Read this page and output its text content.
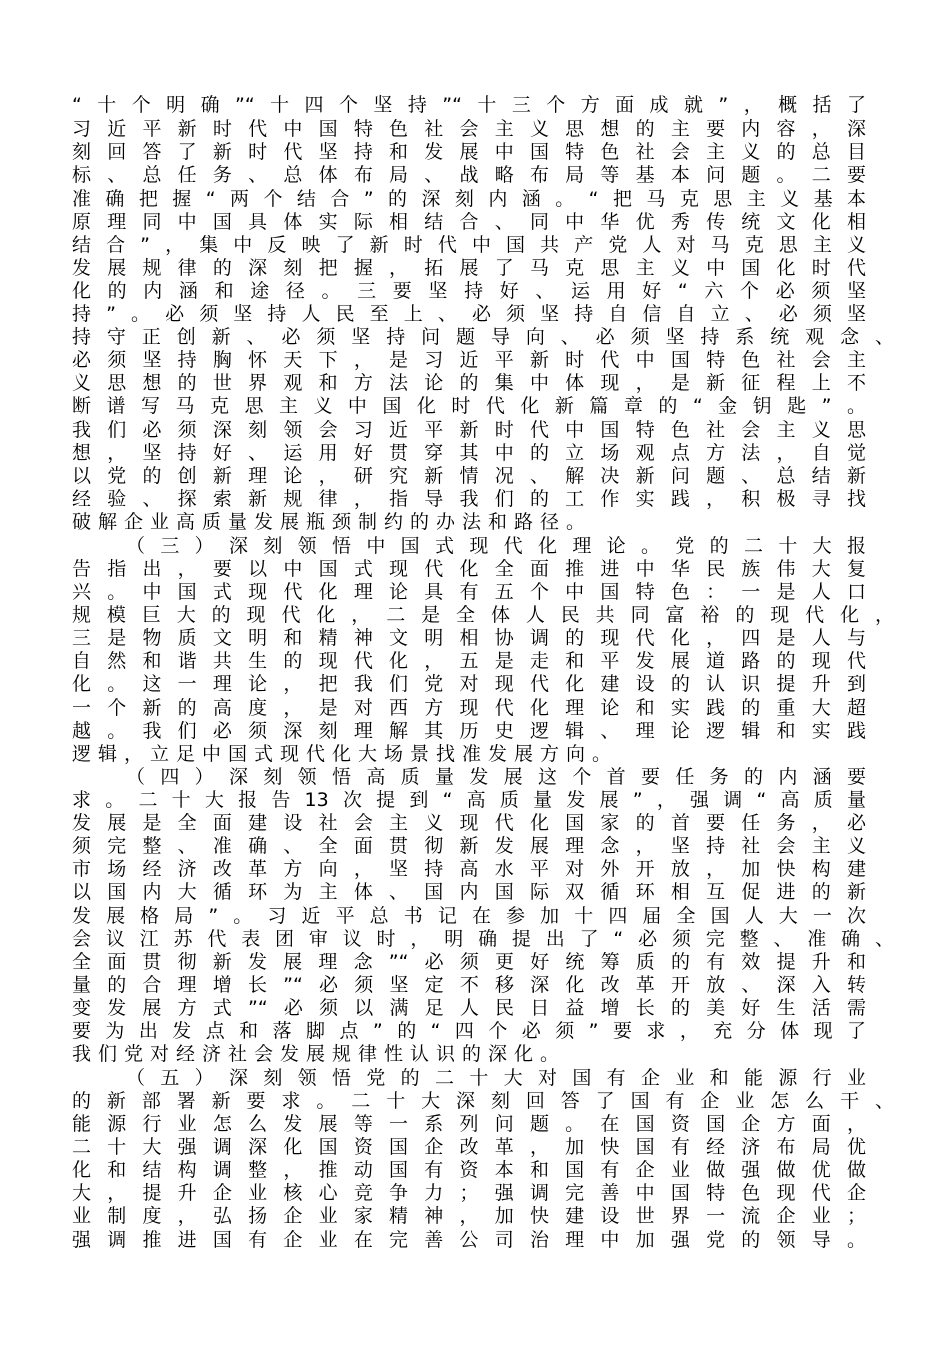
“十个明确”“十四个坚持”“十三个方面成就”，概括了
习近平新时代中国特色社会主义思想的主要内容，深
刻回答了新时代坚持和发展中国特色社会主义的总目
标、总任务、总体布局、战略布局等基本问题。二要
准确把握“两个结合”的深刻内涵。“把马克思主义基本
原理同中国具体实际相结合、同中华优秀传统文化相
结合”，集中反映了新时代中国共产党人对马克思主义
发展规律的深刻把握，拓展了马克思主义中国化时代
化的内涵和途径。三要坚持好、运用好“六个必须坚
持”。必须坚持人民至上、必须坚持自信自立、必须坚
持守正创新、必须坚持问题导向、必须坚持系统观念、
必须坚持胸怀天下，是习近平新时代中国特色社会主
义思想的世界观和方法论的集中体现，是新征程上不
断谱写马克思主义中国化时代化新篇章的“金钥匙”。
我们必须深刻领会习近平新时代中国特色社会主义思
想，坚持好、运用好贯穿其中的立场观点方法，自觉
以党的创新理论，研究新情况、解决新问题、总结新
经验、探索新规律，指导我们的工作实践，积极寻找
破解企业高质量发展瓶颈制约的办法和路径。
（三）深刻领悟中国式现代化理论。党的二十大报
告指出，要以中国式现代化全面推进中华民族伟大复
兴。中国式现代化理论具有五个中国特色：一是人口
规模巨大的现代化，二是全体人民共同富裕的现代化，
三是物质文明和精神文明相协调的现代化，四是人与
自然和谐共生的现代化，五是走和平发展道路的现代
化。这一理论，把我们党对现代化建设的认识提升到
一个新的高度，是对西方现代化理论和实践的重大超
越。我们必须深刻理解其历史逻辑、理论逻辑和实践
逻辑，立足中国式现代化大场景找准发展方向。
（四）深刻领悟高质量发展这个首要任务的内涵要
求。二十大报告13次提到“高质量发展”，强调“高质量
发展是全面建设社会主义现代化国家的首要任务，必
须完整、准确、全面贯彻新发展理念，坚持社会主义
市场经济改革方向，坚持高水平对外开放，加快构建
以国内大循环为主体、国内国际双循环相互促进的新
发展格局”。习近平总书记在参加十四届全国人大一次
会议江苏代表团审议时，明确提出了“必须完整、准确、
全面贯彻新发展理念”“必须更好统筹质的有效提升和
量的合理增长”“必须坚定不移深化改革开放、深入转
变发展方式”“必须以满足人民日益增长的美好生活需
要为出发点和落脚点”的“四个必须”要求，充分体现了
我们党对经济社会发展规律性认识的深化。
（五）深刻领悟党的二十大对国有企业和能源行业
的新部署新要求。二十大深刻回答了国有企业怎么干、
能源行业怎么发展等一系列问题。在国资国企方面，
二十大强调深化国资国企改革，加快国有经济布局优
化和结构调整，推动国有资本和国有企业做强做优做
大，提升企业核心竞争力；强调完善中国特色现代企
业制度，弘扬企业家精神，加快建设世界一流企业；
强调推进国有企业在完善公司治理中加强党的领导。
